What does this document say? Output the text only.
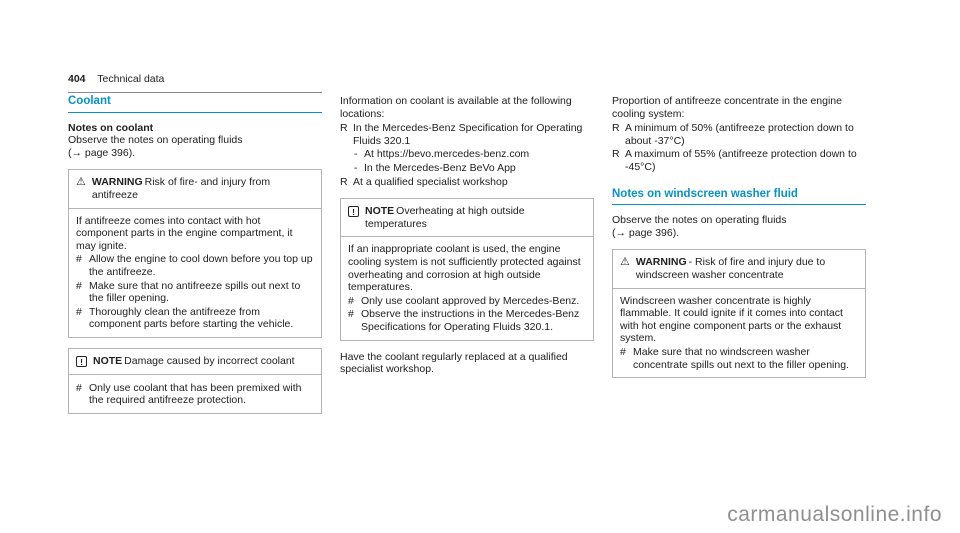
404 Technical data
Coolant
Notes on coolant
Observe the notes on operating fluids
(→ page 396).
⚠ WARNING Risk of fire- and injury from antifreeze
If antifreeze comes into contact with hot component parts in the engine compartment, it may ignite.
# Allow the engine to cool down before you top up the antifreeze.
# Make sure that no antifreeze spills out next to the filler opening.
# Thoroughly clean the antifreeze from component parts before starting the vehicle.
! NOTE Damage caused by incorrect coolant
# Only use coolant that has been premixed with the required antifreeze protection.
Information on coolant is available at the following locations:
R In the Mercedes-Benz Specification for Operating Fluids 320.1
- At https://bevo.mercedes-benz.com
- In the Mercedes-Benz BeVo App
R At a qualified specialist workshop
! NOTE Overheating at high outside temperatures
If an inappropriate coolant is used, the engine cooling system is not sufficiently protected against overheating and corrosion at high outside temperatures.
# Only use coolant approved by Mercedes-Benz.
# Observe the instructions in the Mercedes-Benz Specifications for Operating Fluids 320.1.
Have the coolant regularly replaced at a qualified specialist workshop.
Proportion of antifreeze concentrate in the engine cooling system:
R A minimum of 50% (antifreeze protection down to about -37°C)
R A maximum of 55% (antifreeze protection down to -45°C)
Notes on windscreen washer fluid
Observe the notes on operating fluids
(→ page 396).
⚠ WARNING - Risk of fire and injury due to windscreen washer concentrate
Windscreen washer concentrate is highly flammable. It could ignite if it comes into contact with hot engine component parts or the exhaust system.
# Make sure that no windscreen washer concentrate spills out next to the filler opening.
carmanualsonline.info
